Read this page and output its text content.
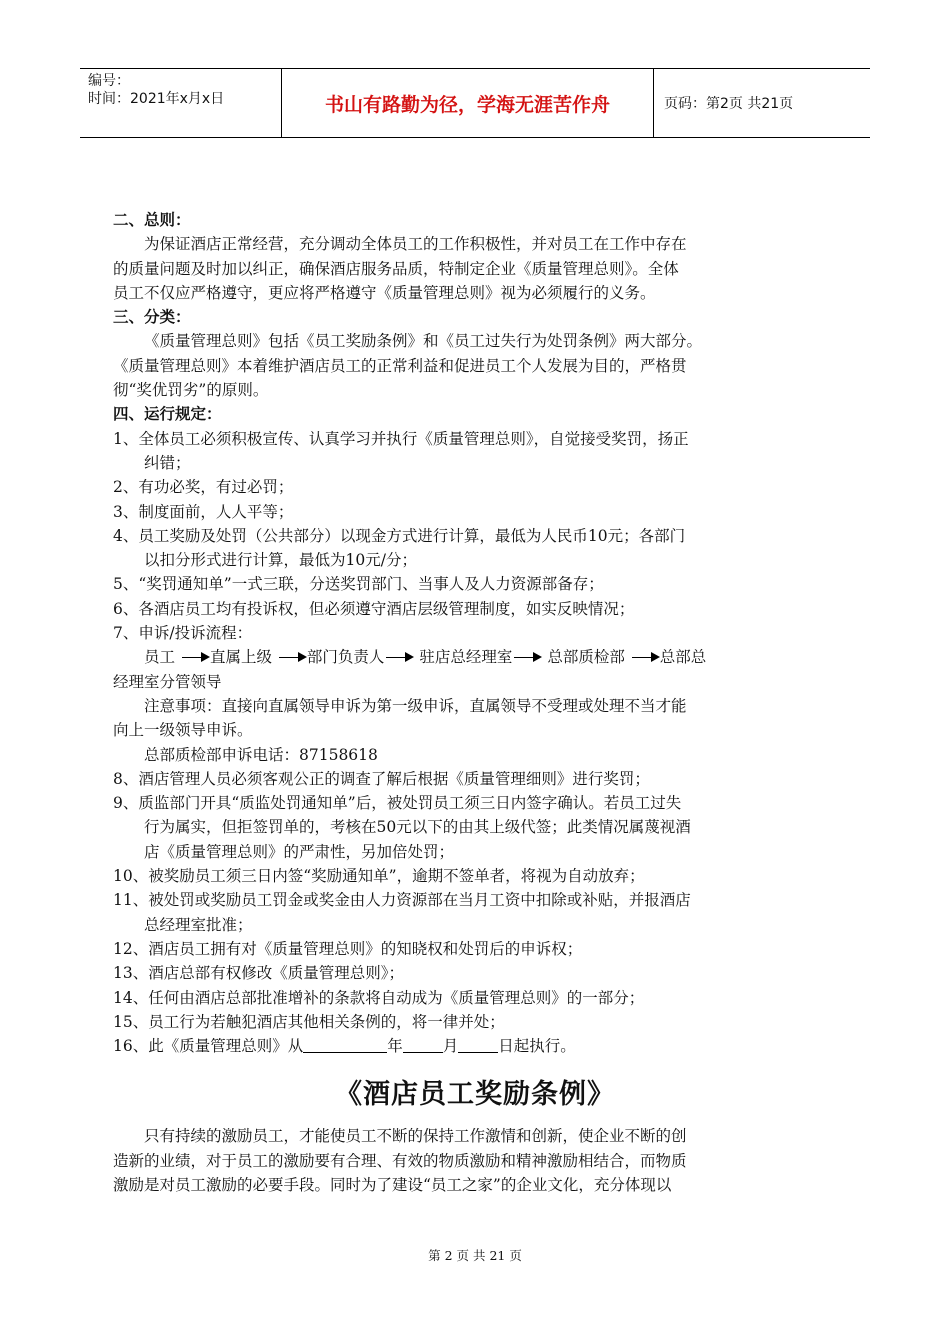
编号：
时间：2021年x月x日	书山有路勤为径，学海无涯苦作舟	页码：第2页 共21页
二、总则：
为保证酒店正常经营，充分调动全体员工的工作积极性，并对员工在工作中存在
的质量问题及时加以纠正，确保酒店服务品质，特制定企业《质量管理总则》。全体
员工不仅应严格遵守，更应将严格遵守《质量管理总则》视为必须履行的义务。
三、分类：
《质量管理总则》包括《员工奖励条例》和《员工过失行为处罚条例》两大部分。
《质量管理总则》本着维护酒店员工的正常利益和促进员工个人发展为目的，严格贯
彻“奖优罚劣”的原则。
四、运行规定：
1、全体员工必须积极宣传、认真学习并执行《质量管理总则》，自觉接受奖罚，扬正
纠错；
2、有功必奖，有过必罚；
3、制度面前，人人平等；
4、员工奖励及处罚（公共部分）以现金方式进行计算，最低为人民币10元；各部门
以扣分形式进行计算，最低为10元/分；
5、“奖罚通知单”一式三联，分送奖罚部门、当事人及人力资源部备存；
6、各酒店员工均有投诉权，但必须遵守酒店层级管理制度，如实反映情况；
7、申诉/投诉流程：
员工 直属上级 部门负责人 驻店总经理室 总部质检部 总部总
经理室分管领导
注意事项：直接向直属领导申诉为第一级申诉，直属领导不受理或处理不当才能
向上一级领导申诉。
总部质检部申诉电话：87158618
8、酒店管理人员必须客观公正的调查了解后根据《质量管理细则》进行奖罚；
9、质监部门开具“质监处罚通知单”后，被处罚员工须三日内签字确认。若员工过失
行为属实，但拒签罚单的，考核在50元以下的由其上级代签；此类情况属蔑视酒
店《质量管理总则》的严肃性，另加倍处罚；
10、被奖励员工须三日内签“奖励通知单”，逾期不签单者，将视为自动放弃；
11、被处罚或奖励员工罚金或奖金由人力资源部在当月工资中扣除或补贴，并报酒店
总经理室批准；
12、酒店员工拥有对《质量管理总则》的知晓权和处罚后的申诉权；
13、酒店总部有权修改《质量管理总则》；
14、任何由酒店总部批准增补的条款将自动成为《质量管理总则》的一部分；
15、员工行为若触犯酒店其他相关条例的，将一律并处；
16、此《质量管理总则》从	年	月	日起执行。
《酒店员工奖励条例》
只有持续的激励员工，才能使员工不断的保持工作激情和创新，使企业不断的创
造新的业绩，对于员工的激励要有合理、有效的物质激励和精神激励相结合，而物质
激励是对员工激励的必要手段。同时为了建设“员工之家”的企业文化，充分体现以
第 2 页 共 21 页
